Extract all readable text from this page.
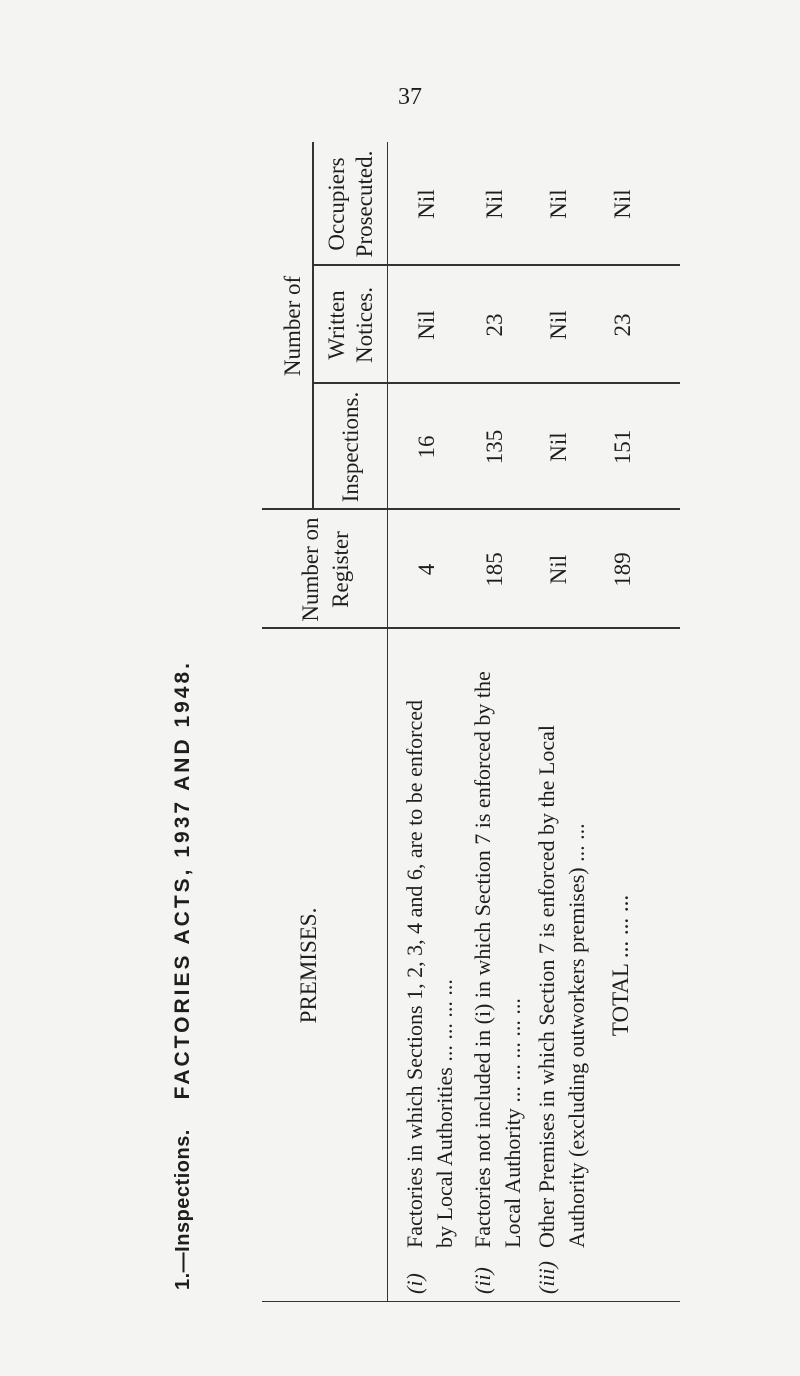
37
1.—Inspections.
FACTORIES ACTS, 1937 AND 1948.	PREMISES.
Number on Register
Number of
Inspections.
Written Notices.
Occupiers Prosecuted.
(i)Factories in which Sections 1, 2, 3, 4 and 6, are to be enforced by Local Authorities ... ... ... ...
4
16
Nil
Nil
(ii)Factories not included in (i) in which Section 7 is enforced by the Local Authority ... ... ... ... ...
185
135
23
Nil
(iii)Other Premises in which Section 7 is enforced by the Local Authority (excluding outworkers premises) ... ...
Nil
Nil
Nil
Nil
TOTAL ... ... ...
189
151
23
Nil
